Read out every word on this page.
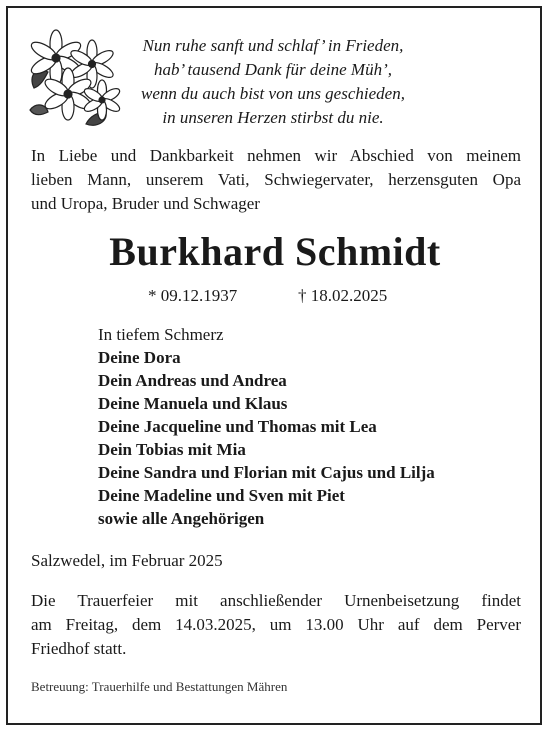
Nun ruhe sanft und schlaf’ in Frieden,
hab’ tausend Dank für deine Müh’,
wenn du auch bist von uns geschieden,
in unseren Herzen stirbst du nie.
In Liebe und Dankbarkeit nehmen wir Abschied von meinem
lieben Mann, unserem Vati, Schwiegervater, herzensguten Opa
und Uropa, Bruder und Schwager
Burkhard Schmidt
* 09.12.1937	† 18.02.2025
In tiefem Schmerz
Deine Dora
Dein Andreas und Andrea
Deine Manuela und Klaus
Deine Jacqueline und Thomas mit Lea
Dein Tobias mit Mia
Deine Sandra und Florian mit Cajus und Lilja
Deine Madeline und Sven mit Piet
sowie alle Angehörigen
Salzwedel, im Februar 2025
Die Trauerfeier mit anschließender Urnenbeisetzung findet
am Freitag, dem 14.03.2025, um 13.00 Uhr auf dem Perver
Friedhof statt.
Betreuung: Trauerhilfe und Bestattungen Mähren
